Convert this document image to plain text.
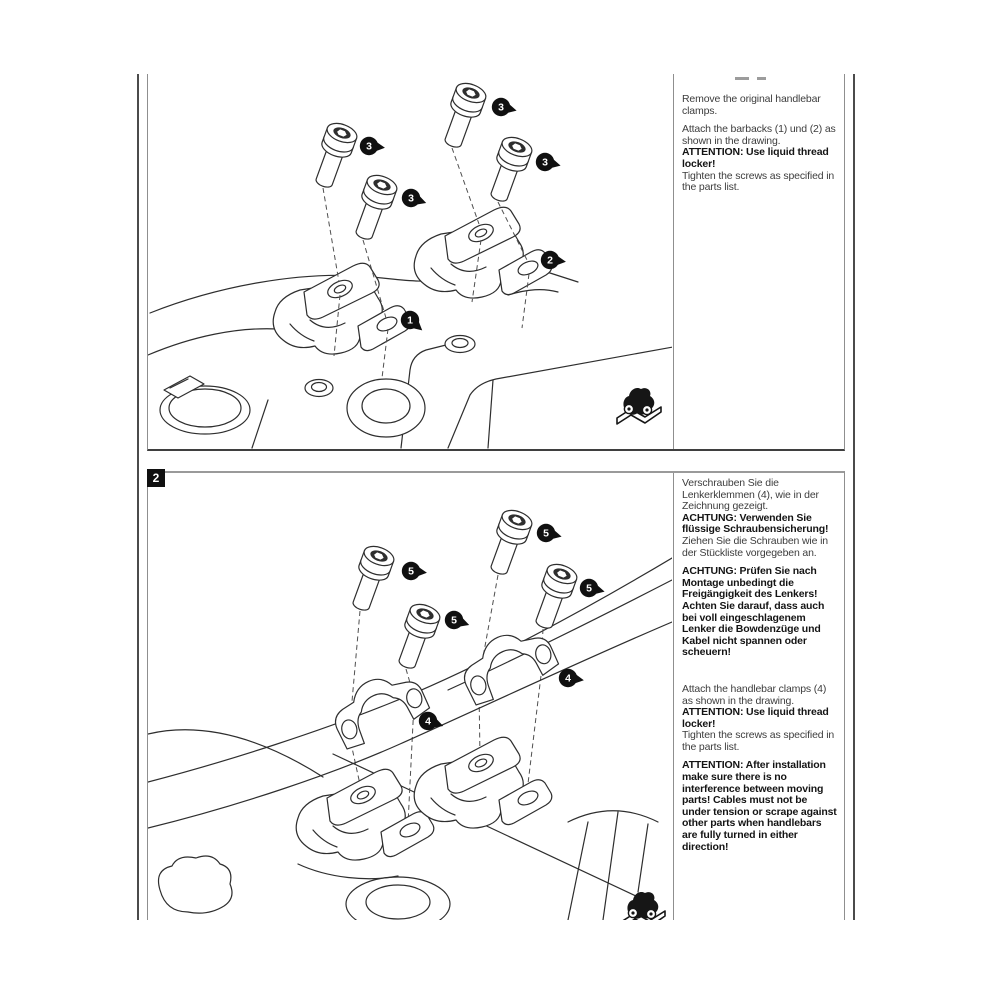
Remove the original handlebar clamps.

Attach the barbacks (1) und (2) as shown in the drawing.

ATTENTION: Use liquid thread locker!

Tighten the screws as specified in the parts list.

Verschrauben Sie die Lenkerklemmen (4), wie in der Zeichnung gezeigt.

ACHTUNG: Verwenden Sie flüssige Schraubensicherung!

Ziehen Sie die Schrauben wie in der Stückliste vorgegeben an.

ACHTUNG: Prüfen Sie nach Montage unbedingt die Freigängigkeit des Lenkers! Achten Sie darauf, dass auch bei voll eingeschlagenem Lenker die Bowdenzüge und Kabel nicht spannen oder scheuern!

Attach the handlebar clamps (4) as shown in the drawing.

ATTENTION: Use liquid thread locker!

Tighten the screws as specified in the parts list.

ATTENTION: After installation make sure there is no interference between moving parts! Cables must not be under tension or scrape against other parts when handlebars are fully turned in either direction!

3
3
3
3
2
1
5
5
5
5
4
4
2
